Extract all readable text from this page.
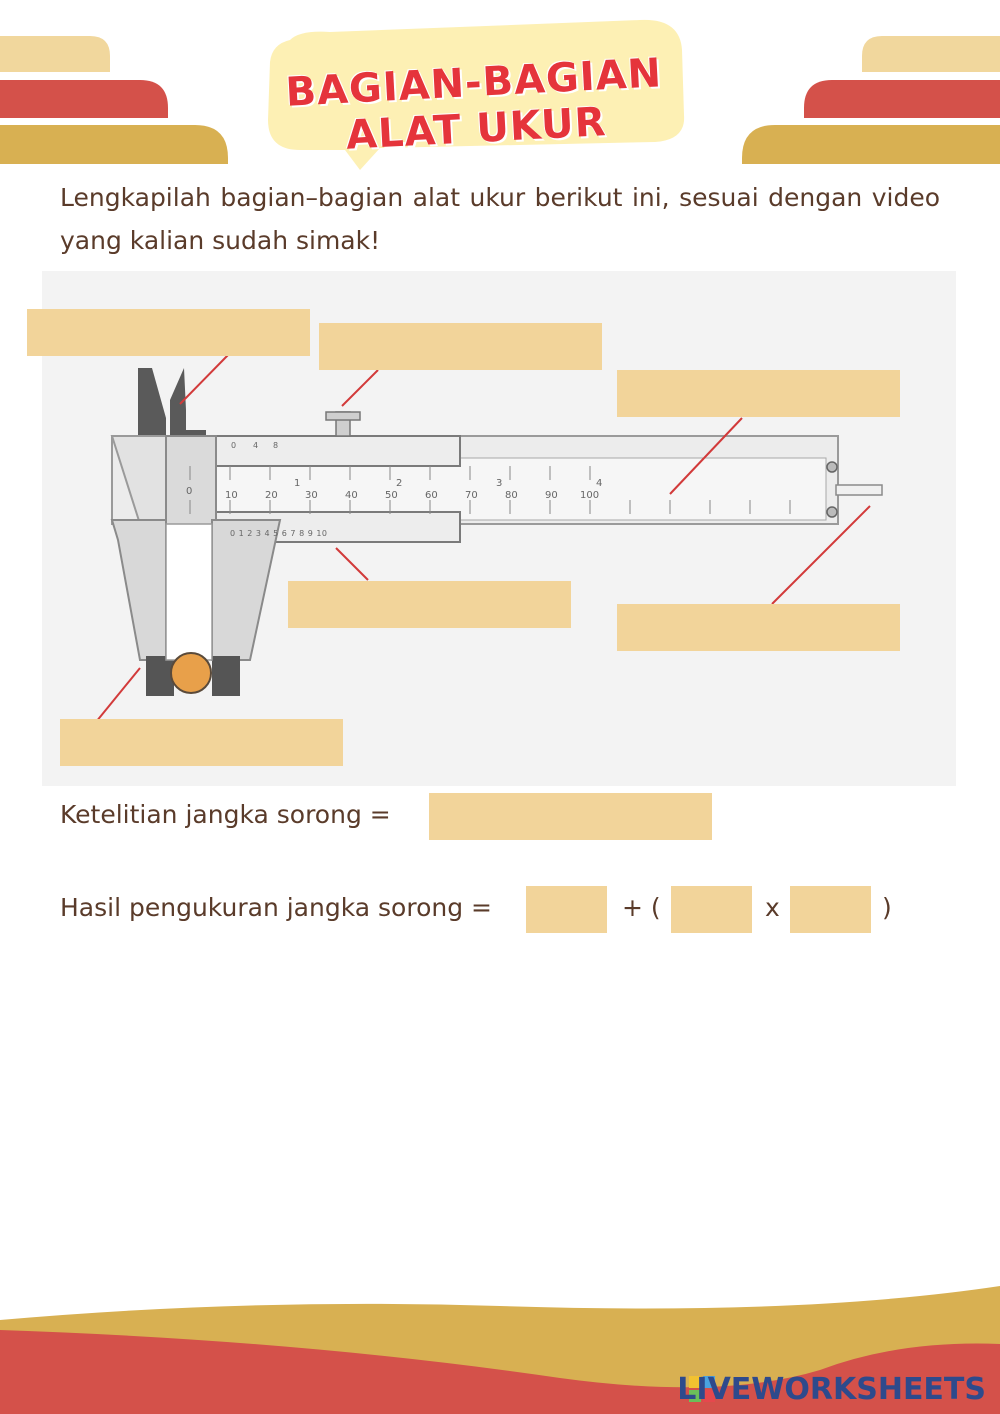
BAGIAN-BAGIAN
ALAT UKUR
Lengkapilah bagian–bagian alat ukur berikut ini, sesuai dengan video yang kalian sudah simak!
0	10	20	30	40	50	60	70	80	90 100
1	2	3	4
0 4 8
0 1 2 3 4 5 6 7 8 9 10
Ketelitian jangka sorong =
Hasil pengukuran jangka sorong =	+ (	x	)
LIVEWORKSHEETS
